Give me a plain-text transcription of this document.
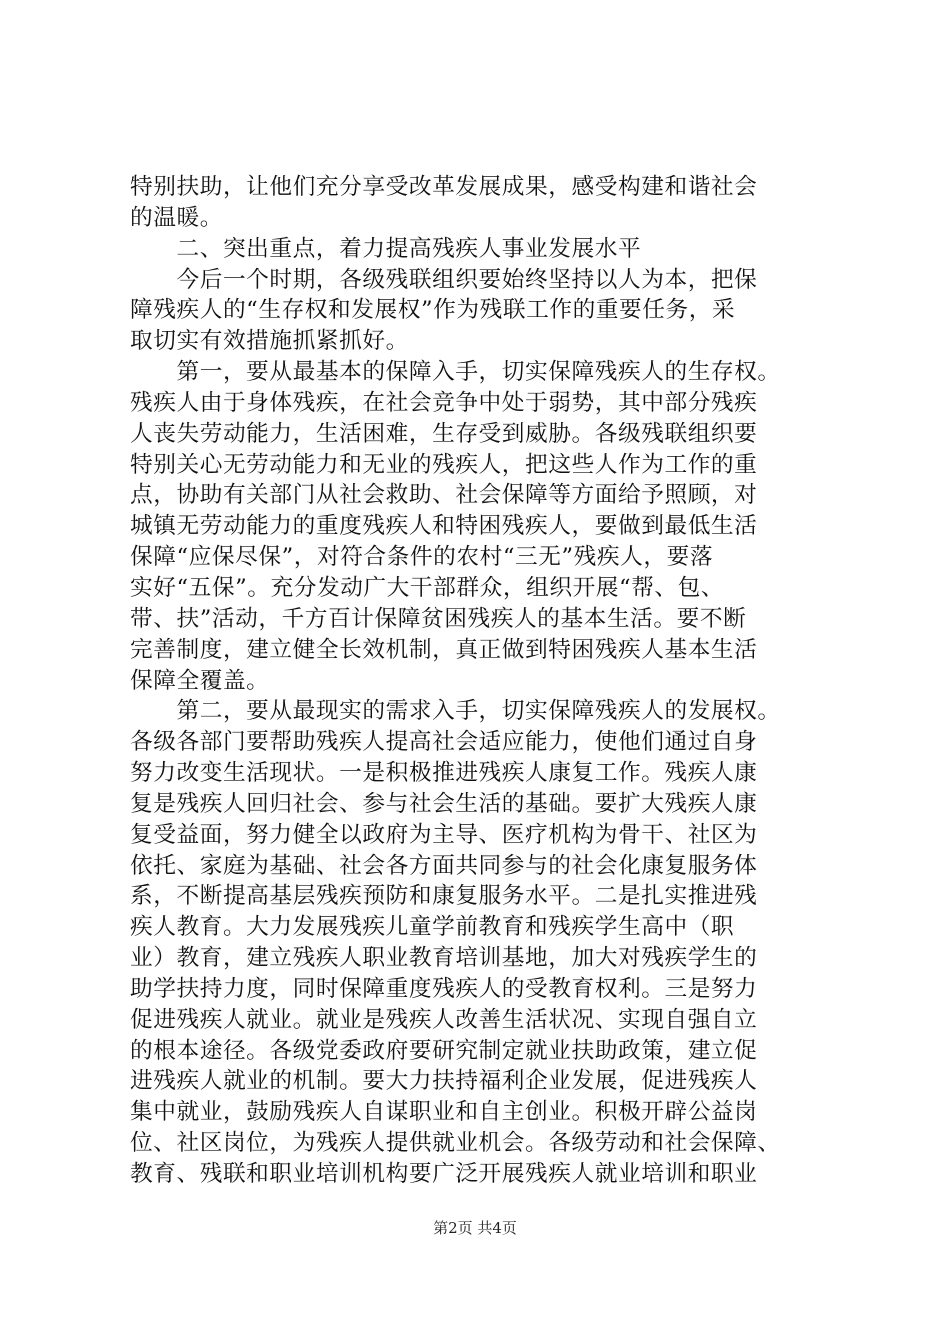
特别扶助，让他们充分享受改革发展成果，感受构建和谐社会
的温暖。
　　二、突出重点，着力提高残疾人事业发展水平
　　今后一个时期，各级残联组织要始终坚持以人为本，把保
障残疾人的“生存权和发展权”作为残联工作的重要任务，采
取切实有效措施抓紧抓好。
　　第一，要从最基本的保障入手，切实保障残疾人的生存权。
残疾人由于身体残疾，在社会竞争中处于弱势，其中部分残疾
人丧失劳动能力，生活困难，生存受到威胁。各级残联组织要
特别关心无劳动能力和无业的残疾人，把这些人作为工作的重
点，协助有关部门从社会救助、社会保障等方面给予照顾，对
城镇无劳动能力的重度残疾人和特困残疾人，要做到最低生活
保障“应保尽保”，对符合条件的农村“三无”残疾人，要落
实好“五保”。充分发动广大干部群众，组织开展“帮、包、
带、扶”活动，千方百计保障贫困残疾人的基本生活。要不断
完善制度，建立健全长效机制，真正做到特困残疾人基本生活
保障全覆盖。
　　第二，要从最现实的需求入手，切实保障残疾人的发展权。
各级各部门要帮助残疾人提高社会适应能力，使他们通过自身
努力改变生活现状。一是积极推进残疾人康复工作。残疾人康
复是残疾人回归社会、参与社会生活的基础。要扩大残疾人康
复受益面，努力健全以政府为主导、医疗机构为骨干、社区为
依托、家庭为基础、社会各方面共同参与的社会化康复服务体
系，不断提高基层残疾预防和康复服务水平。二是扎实推进残
疾人教育。大力发展残疾儿童学前教育和残疾学生高中（职
业）教育，建立残疾人职业教育培训基地，加大对残疾学生的
助学扶持力度，同时保障重度残疾人的受教育权利。三是努力
促进残疾人就业。就业是残疾人改善生活状况、实现自强自立
的根本途径。各级党委政府要研究制定就业扶助政策，建立促
进残疾人就业的机制。要大力扶持福利企业发展，促进残疾人
集中就业，鼓励残疾人自谋职业和自主创业。积极开辟公益岗
位、社区岗位，为残疾人提供就业机会。各级劳动和社会保障、
教育、残联和职业培训机构要广泛开展残疾人就业培训和职业
第2页 共4页
